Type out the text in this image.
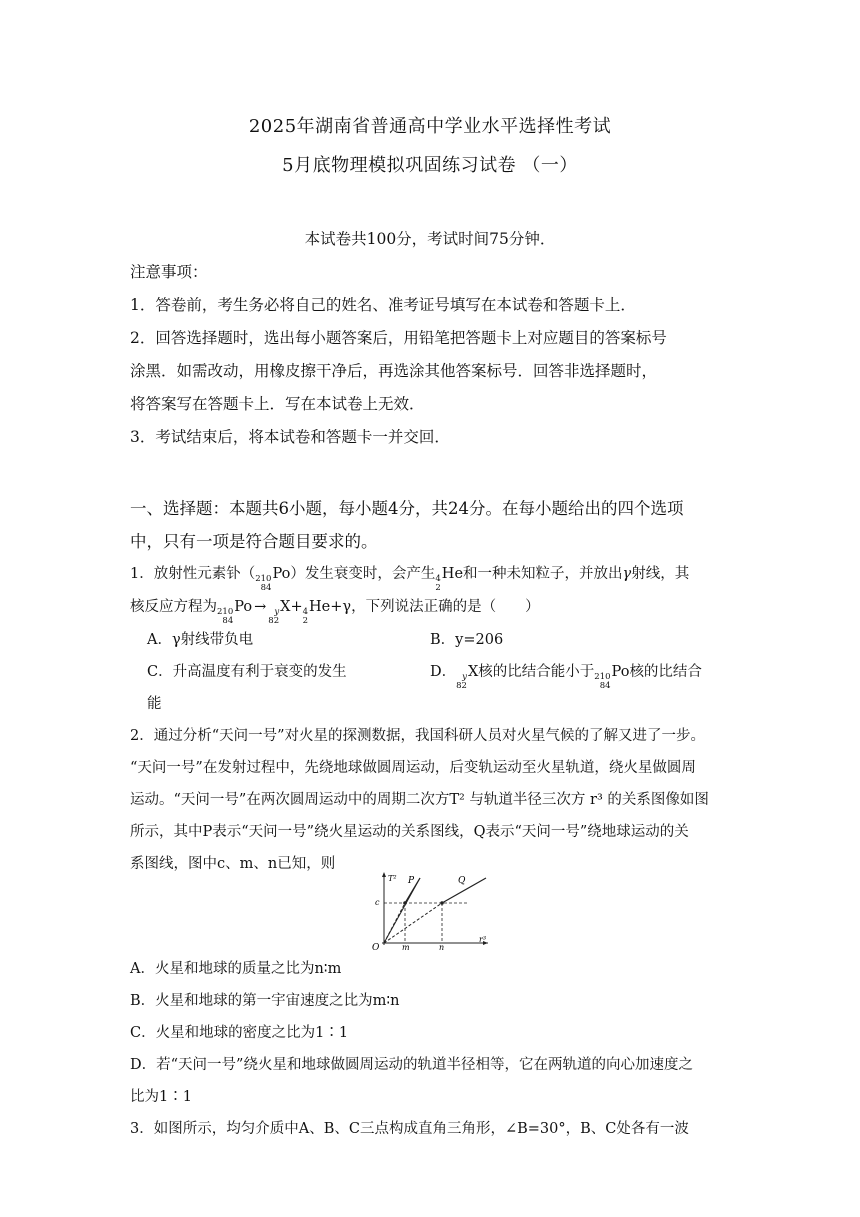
2025年湖南省普通高中学业水平选择性考试
5月底物理模拟巩固练习试卷 （一）
本试卷共100分，考试时间75分钟．
注意事项：
1．答卷前，考生务必将自己的姓名、准考证号填写在本试卷和答题卡上．
2．回答选择题时，选出每小题答案后，用铅笔把答题卡上对应题目的答案标号
涂黑．如需改动，用橡皮擦干净后，再选涂其他答案标号．回答非选择题时，
将答案写在答题卡上．写在本试卷上无效．
3．考试结束后，将本试卷和答题卡一并交回．
一、选择题：本题共6小题，每小题4分，共24分。在每小题给出的四个选项
中，只有一项是符合题目要求的。
1．放射性元素钋（ 210
84
Po）发生衰变时，会产生 4
2
He和一种未知粒子，并放出γ射线，其
核反应方程为 210
84
Po → y
82
X+ 4
2
He+γ，下列说法正确的是（　　）
A．γ射线带负电	B．y=206
C．升高温度有利于衰变的发生	D． y
82
X核的比结合能小于 210
84
Po核的比结合
能
2．通过分析“天问一号”对火星的探测数据，我国科研人员对火星气候的了解又进了一步。
“天问一号”在发射过程中，先绕地球做圆周运动，后变轨运动至火星轨道，绕火星做圆周
运动。“天问一号”在两次圆周运动中的周期二次方T² 与轨道半径三次方 r³ 的关系图像如图
所示，其中P表示“天问一号”绕火星运动的关系图线，Q表示“天问一号”绕地球运动的关
系图线，图中c、m、n已知，则
T²
r³
O
P	Q
c
m	n
A．火星和地球的质量之比为n∶m
B．火星和地球的第一宇宙速度之比为m∶n
C．火星和地球的密度之比为1∶1
D．若“天问一号”绕火星和地球做圆周运动的轨道半径相等，它在两轨道的向心加速度之
比为1∶1
3．如图所示，均匀介质中A、B、C三点构成直角三角形，∠B=30°，B、C处各有一波
